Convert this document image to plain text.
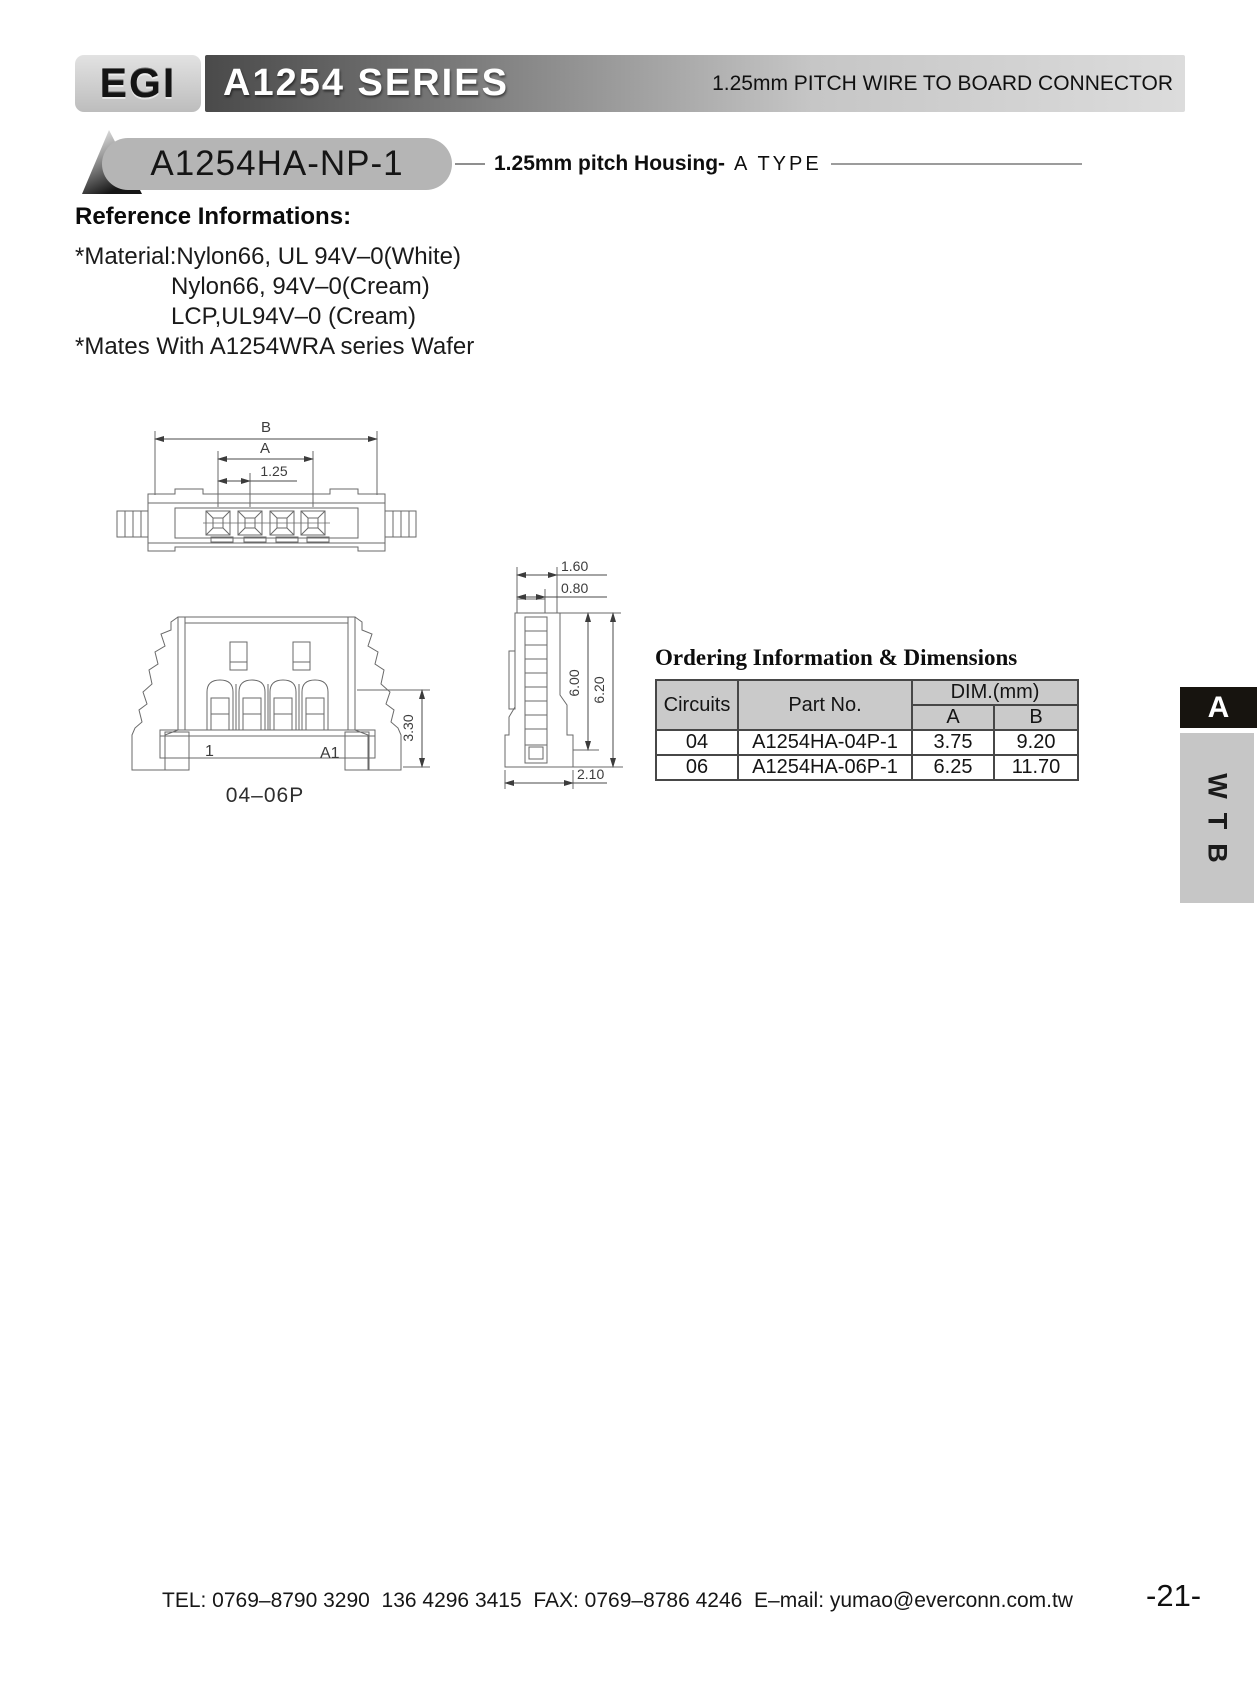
EGI	A1254 SERIES	1.25mm PITCH WIRE TO BOARD CONNECTOR
A1254HA-NP-1	1.25mm pitch Housing- A TYPE
Reference Informations:
*Material:Nylon66, UL 94V–0(White)
Nylon66, 94V–0(Cream)
LCP,UL94V–0 (Cream)
*Mates With A1254WRA series Wafer
B
A
1.25
1	A1
3.30
04–06P
1.60
0.80
6.00 6.20
2.10
Ordering Information & Dimensions
Circuits	Part No.	DIM.(mm)	
		A	B
04	A1254HA-04P-1	3.75	9.20
06	A1254HA-06P-1	6.25	11.70
A
WTB
TEL: 0769–8790 3290  136 4296 3415  FAX: 0769–8786 4246  E–mail: yumao@everconn.com.tw -21-
